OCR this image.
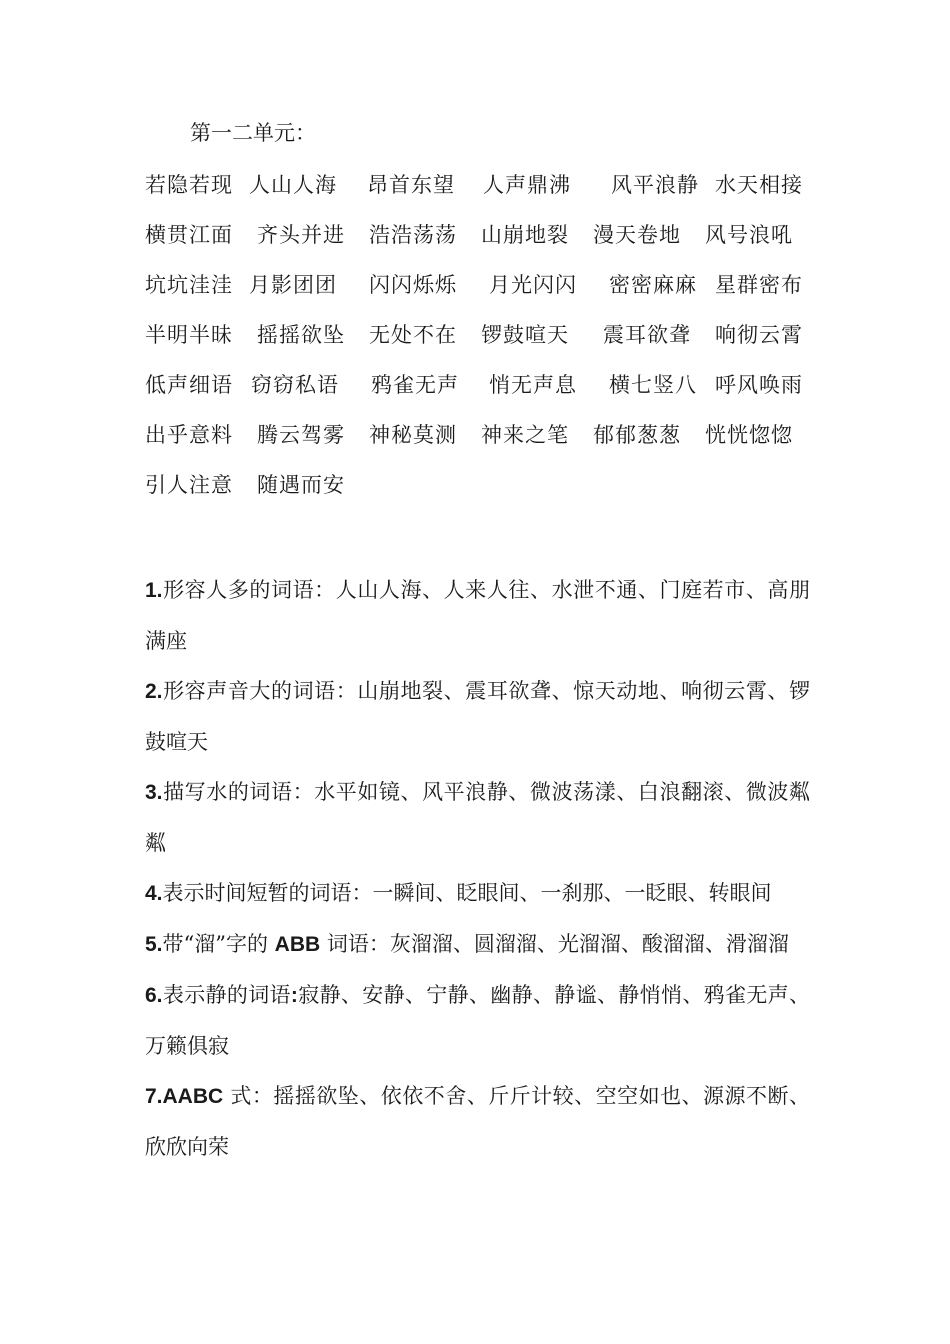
第一二单元：
若隐若现 人山人海 昂首东望 人声鼎沸 风平浪静 水天相接
横贯江面 齐头并进 浩浩荡荡 山崩地裂 漫天卷地 风号浪吼
坑坑洼洼 月影团团 闪闪烁烁 月光闪闪 密密麻麻 星群密布
半明半昧 摇摇欲坠 无处不在 锣鼓喧天 震耳欲聋 响彻云霄
低声细语 窃窃私语 鸦雀无声 悄无声息 横七竖八 呼风唤雨
出乎意料 腾云驾雾 神秘莫测 神来之笔 郁郁葱葱 恍恍惚惚
引人注意 随遇而安

1.形容人多的词语：人山人海、人来人往、水泄不通、门庭若市、高朋满座

2.形容声音大的词语：山崩地裂、震耳欲聋、惊天动地、响彻云霄、锣鼓喧天

3.描写水的词语：水平如镜、风平浪静、微波荡漾、白浪翻滚、微波粼粼

4.表示时间短暂的词语：一瞬间、眨眼间、一刹那、一眨眼、转眼间

5.带“溜”字的 ABB 词语：灰溜溜、圆溜溜、光溜溜、酸溜溜、滑溜溜

6.表示静的词语:寂静、安静、宁静、幽静、静谧、静悄悄、鸦雀无声、万籁俱寂

7.AABC 式：摇摇欲坠、依依不舍、斤斤计较、空空如也、源源不断、欣欣向荣
